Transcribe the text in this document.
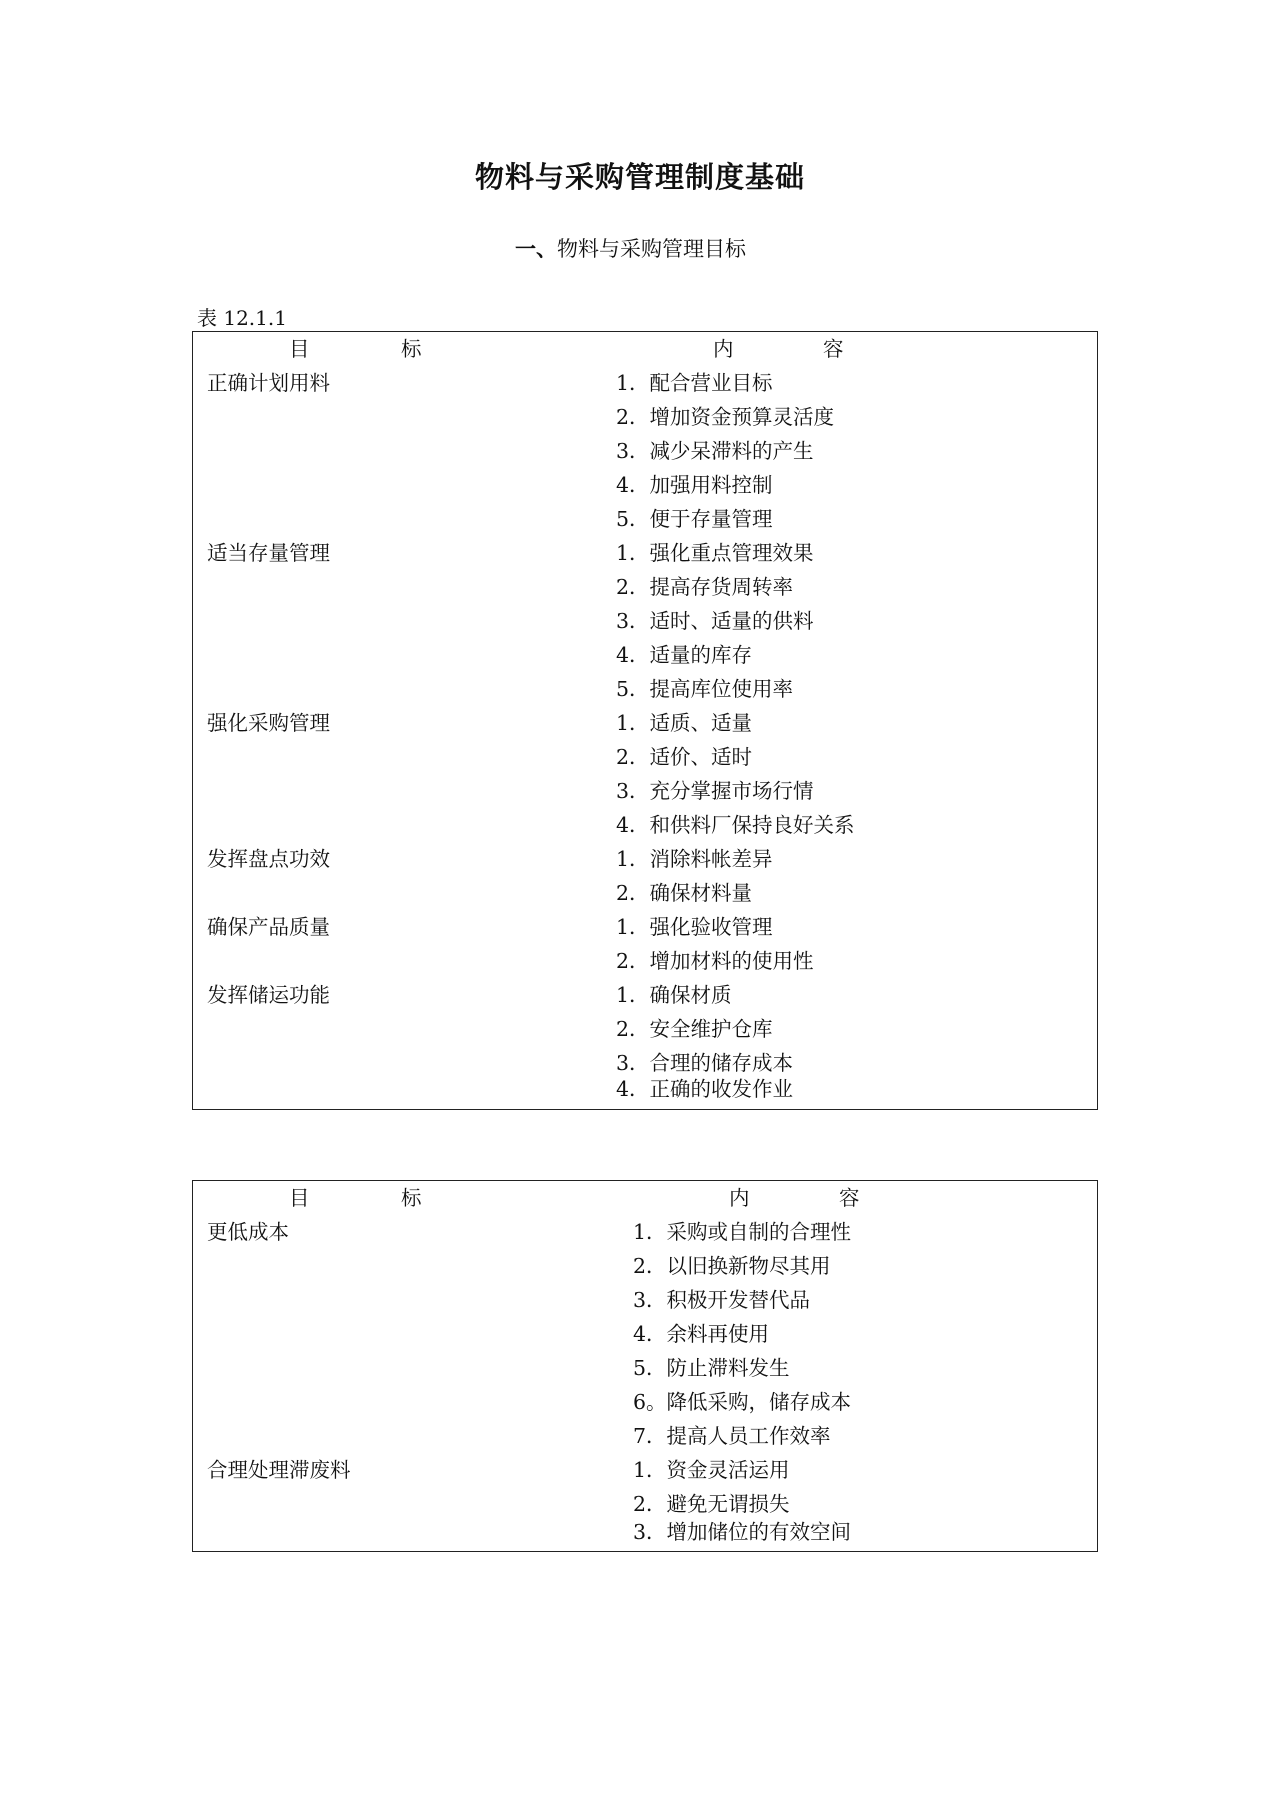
物料与采购管理制度基础
一、物料与采购管理目标
表 12.1.1
目	标	内	容
正确计划用料	1．配合营业目标
2．增加资金预算灵活度
3．减少呆滞料的产生
4．加强用料控制
5．便于存量管理
适当存量管理	1．强化重点管理效果
2．提高存货周转率
3．适时、适量的供料
4．适量的库存
5．提高库位使用率
强化采购管理	1．适质、适量
2．适价、适时
3．充分掌握市场行情
4．和供料厂保持良好关系
发挥盘点功效	1．消除料帐差异
2．确保材料量
确保产品质量	1．强化验收管理
2．增加材料的使用性
发挥储运功能	1．确保材质
2．安全维护仓库
3．合理的储存成本
4．正确的收发作业
目	标	内	容
更低成本	1．采购或自制的合理性
2．以旧换新物尽其用
3．积极开发替代品
4．余料再使用
5．防止滞料发生
6。降低采购，储存成本
7．提高人员工作效率
合理处理滞废料	1．资金灵活运用
2．避免无谓损失
3．增加储位的有效空间
